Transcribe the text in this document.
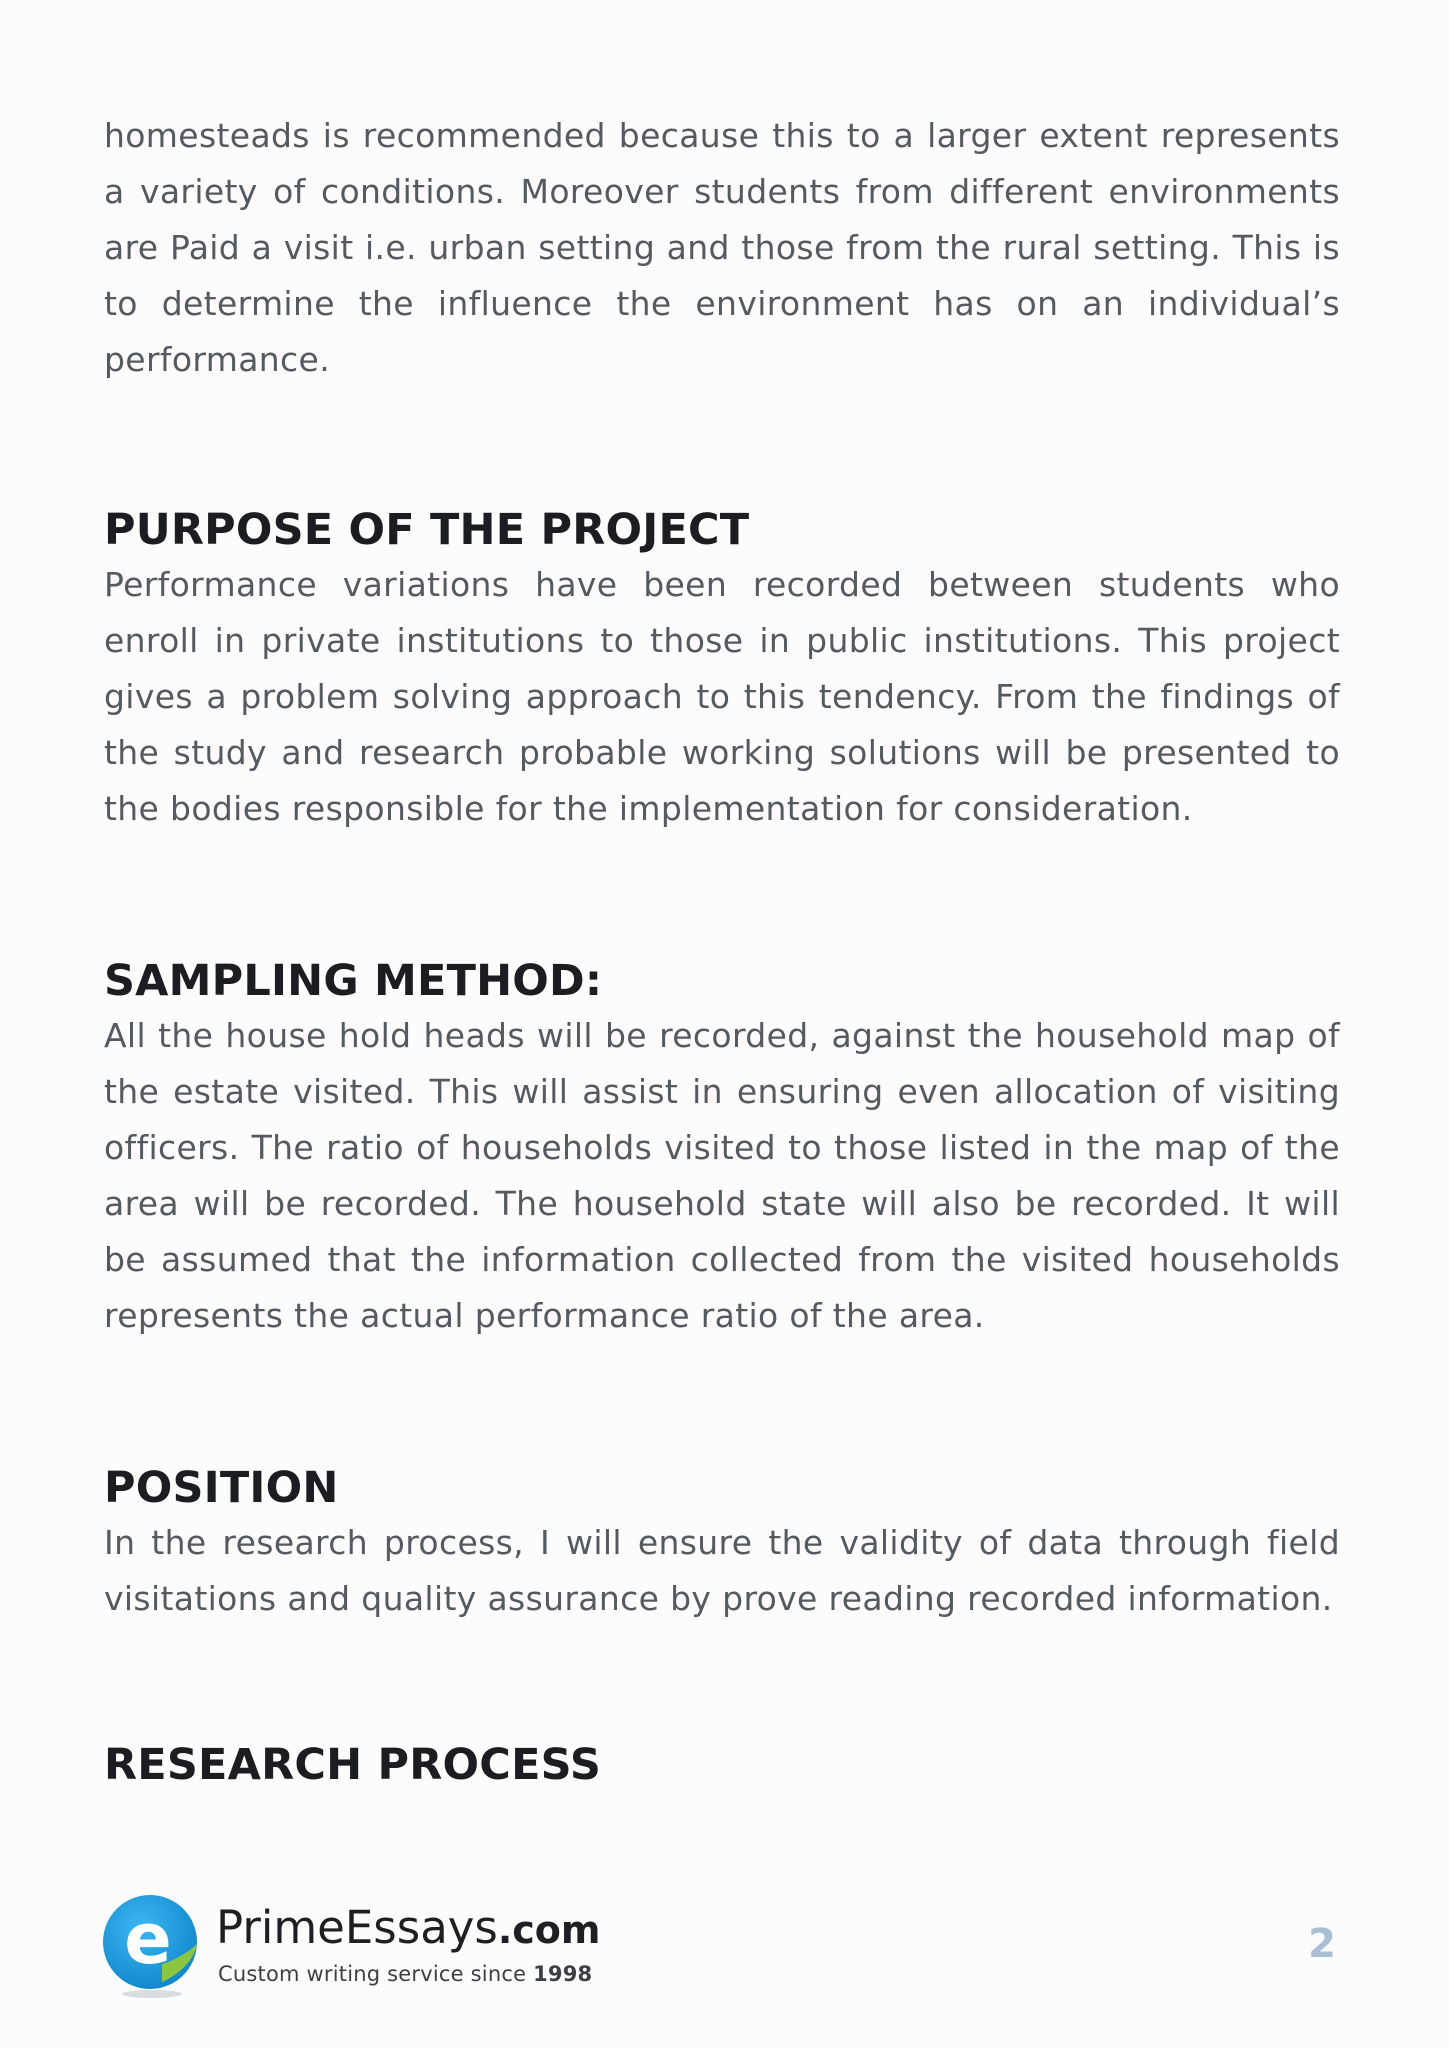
homesteads is recommended because this to a larger extent represents a variety of conditions. Moreover students from different environments are Paid a visit i.e. urban setting and those from the rural setting. This is to determine the influence the environment has on an individual’s performance.

PURPOSE OF THE PROJECT

Performance variations have been recorded between students who enroll in private institutions to those in public institutions. This project gives a problem solving approach to this tendency. From the findings of the study and research probable working solutions will be presented to the bodies responsible for the implementation for consideration.

SAMPLING METHOD:

All the house hold heads will be recorded, against the household map of the estate visited. This will assist in ensuring even allocation of visiting officers. The ratio of households visited to those listed in the map of the area will be recorded. The household state will also be recorded. It will be assumed that the information collected from the visited households represents the actual performance ratio of the area.

POSITION

In the research process, I will ensure the validity of data through field visitations and quality assurance by prove reading recorded information.

RESEARCH PROCESS
e PrimeEssays.com
Custom writing service since 1998
2
